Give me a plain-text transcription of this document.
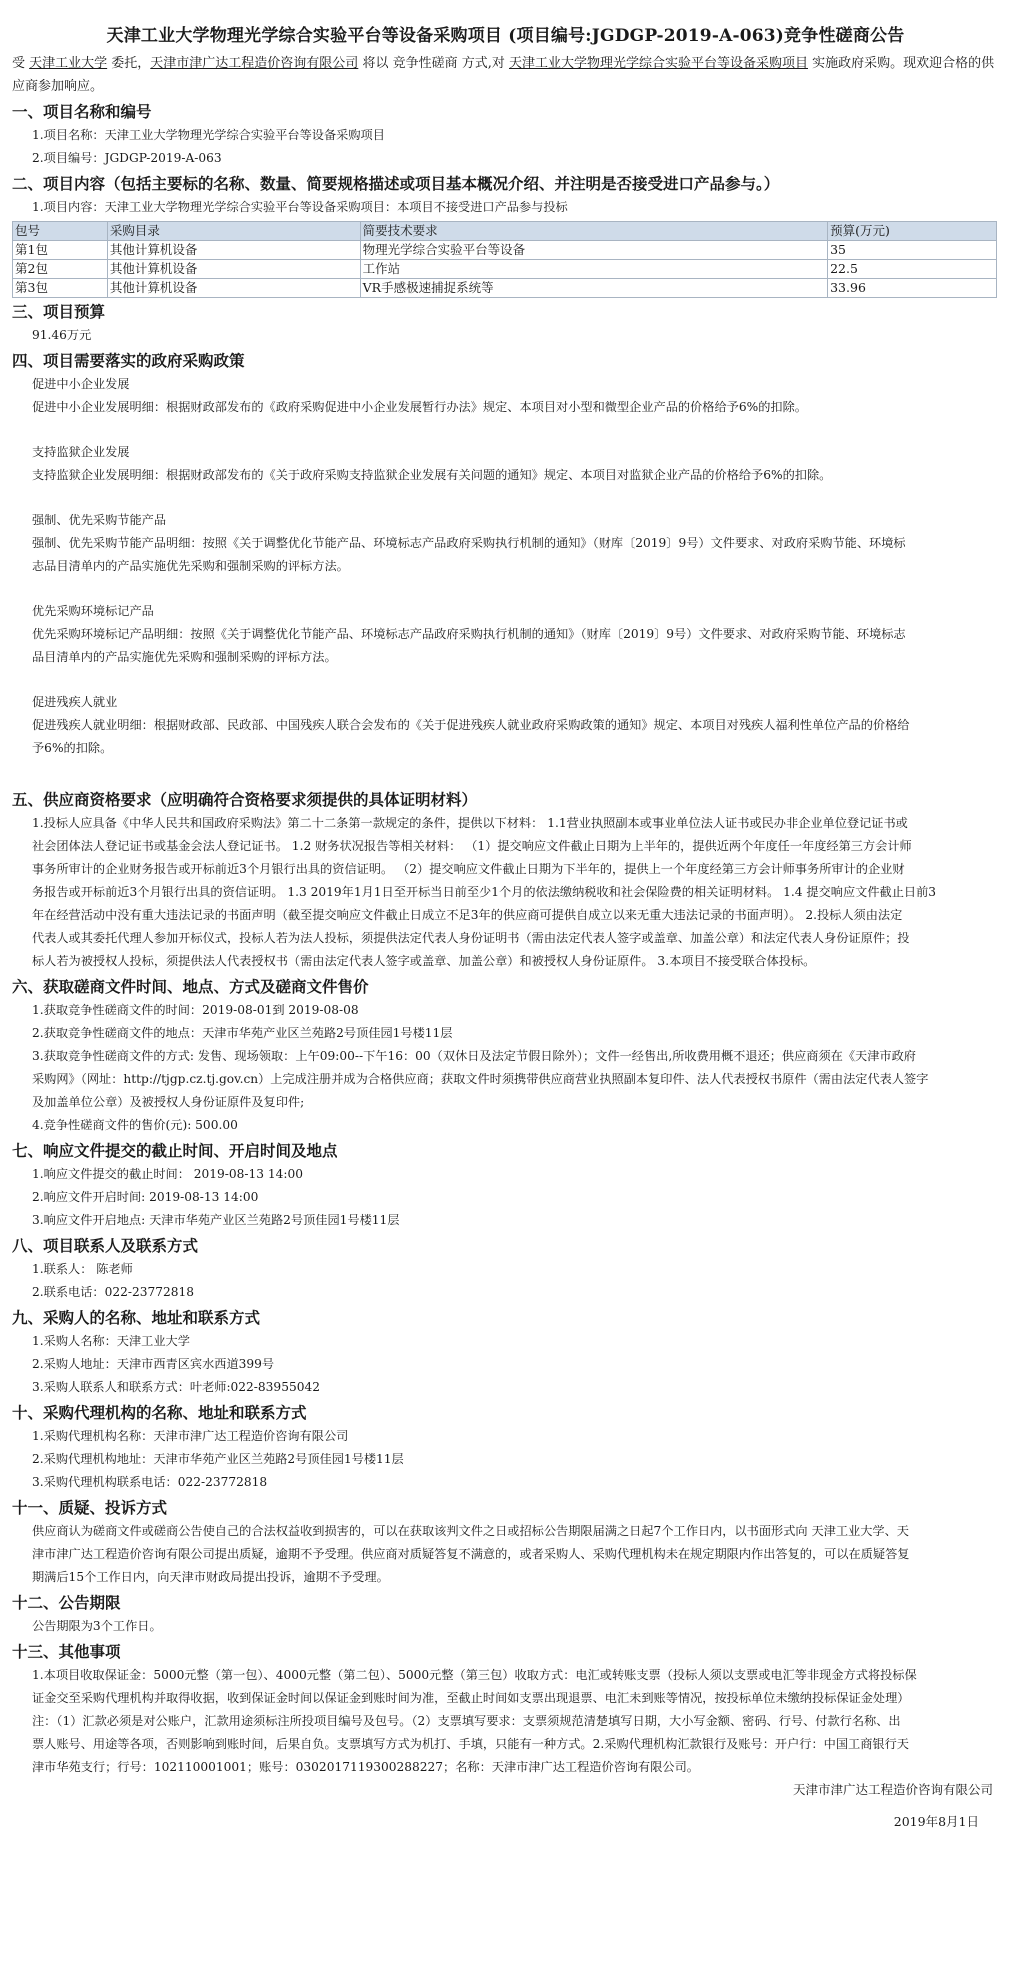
天津工业大学物理光学综合实验平台等设备采购项目 (项目编号:JGDGP-2019-A-063)竞争性磋商公告
受 天津工业大学 委托，天津市津广达工程造价咨询有限公司 将以 竞争性磋商 方式,对 天津工业大学物理光学综合实验平台等设备采购项目 实施政府采购。现欢迎合格的供应商参加响应。
一、项目名称和编号
1.项目名称：天津工业大学物理光学综合实验平台等设备采购项目
2.项目编号：JGDGP-2019-A-063
二、项目内容（包括主要标的名称、数量、简要规格描述或项目基本概况介绍、并注明是否接受进口产品参与。）
1.项目内容：天津工业大学物理光学综合实验平台等设备采购项目：本项目不接受进口产品参与投标
包号	采购目录	简要技术要求	预算(万元)
第1包	其他计算机设备	物理光学综合实验平台等设备	35
第2包	其他计算机设备	工作站	22.5
第3包	其他计算机设备	VR手感极速捕捉系统等	33.96
三、项目预算
91.46万元
四、项目需要落实的政府采购政策
促进中小企业发展
促进中小企业发展明细：根据财政部发布的《政府采购促进中小企业发展暂行办法》规定、本项目对小型和微型企业产品的价格给予6%的扣除。
支持监狱企业发展
支持监狱企业发展明细：根据财政部发布的《关于政府采购支持监狱企业发展有关问题的通知》规定、本项目对监狱企业产品的价格给予6%的扣除。
强制、优先采购节能产品
强制、优先采购节能产品明细：按照《关于调整优化节能产品、环境标志产品政府采购执行机制的通知》（财库〔2019〕9号）文件要求、对政府采购节能、环境标
志品目清单内的产品实施优先采购和强制采购的评标方法。
优先采购环境标记产品
优先采购环境标记产品明细：按照《关于调整优化节能产品、环境标志产品政府采购执行机制的通知》（财库〔2019〕9号）文件要求、对政府采购节能、环境标志
品目清单内的产品实施优先采购和强制采购的评标方法。
促进残疾人就业
促进残疾人就业明细：根据财政部、民政部、中国残疾人联合会发布的《关于促进残疾人就业政府采购政策的通知》规定、本项目对残疾人福利性单位产品的价格给
予6%的扣除。
五、供应商资格要求（应明确符合资格要求须提供的具体证明材料）
1.投标人应具备《中华人民共和国政府采购法》第二十二条第一款规定的条件，提供以下材料： 1.1营业执照副本或事业单位法人证书或民办非企业单位登记证书或
社会团体法人登记证书或基金会法人登记证书。 1.2 财务状况报告等相关材料： （1）提交响应文件截止日期为上半年的，提供近两个年度任一年度经第三方会计师
事务所审计的企业财务报告或开标前近3个月银行出具的资信证明。 （2）提交响应文件截止日期为下半年的，提供上一个年度经第三方会计师事务所审计的企业财
务报告或开标前近3个月银行出具的资信证明。 1.3 2019年1月1日至开标当日前至少1个月的依法缴纳税收和社会保险费的相关证明材料。 1.4 提交响应文件截止日前3
年在经营活动中没有重大违法记录的书面声明（截至提交响应文件截止日成立不足3年的供应商可提供自成立以来无重大违法记录的书面声明）。 2.投标人须由法定
代表人或其委托代理人参加开标仪式，投标人若为法人投标，须提供法定代表人身份证明书（需由法定代表人签字或盖章、加盖公章）和法定代表人身份证原件；投
标人若为被授权人投标，须提供法人代表授权书（需由法定代表人签字或盖章、加盖公章）和被授权人身份证原件。 3.本项目不接受联合体投标。
六、获取磋商文件时间、地点、方式及磋商文件售价
1.获取竞争性磋商文件的时间：2019-08-01到 2019-08-08
2.获取竞争性磋商文件的地点：天津市华苑产业区兰苑路2号顶佳园1号楼11层
3.获取竞争性磋商文件的方式: 发售、现场领取：上午09:00--下午16：00（双休日及法定节假日除外）；文件一经售出,所收费用概不退还；供应商须在《天津市政府
采购网》（网址：http://tjgp.cz.tj.gov.cn）上完成注册并成为合格供应商；获取文件时须携带供应商营业执照副本复印件、法人代表授权书原件（需由法定代表人签字
及加盖单位公章）及被授权人身份证原件及复印件;
4.竞争性磋商文件的售价(元): 500.00
七、响应文件提交的截止时间、开启时间及地点
1.响应文件提交的截止时间： 2019-08-13 14:00
2.响应文件开启时间: 2019-08-13 14:00
3.响应文件开启地点: 天津市华苑产业区兰苑路2号顶佳园1号楼11层
八、项目联系人及联系方式
1.联系人： 陈老师
2.联系电话：022-23772818
九、采购人的名称、地址和联系方式
1.采购人名称：天津工业大学
2.采购人地址：天津市西青区宾水西道399号
3.采购人联系人和联系方式：叶老师:022-83955042
十、采购代理机构的名称、地址和联系方式
1.采购代理机构名称：天津市津广达工程造价咨询有限公司
2.采购代理机构地址：天津市华苑产业区兰苑路2号顶佳园1号楼11层
3.采购代理机构联系电话：022-23772818
十一、质疑、投诉方式
供应商认为磋商文件或磋商公告使自己的合法权益收到损害的，可以在获取该判文件之日或招标公告期限届满之日起7个工作日内，以书面形式向 天津工业大学、天
津市津广达工程造价咨询有限公司提出质疑，逾期不予受理。供应商对质疑答复不满意的，或者采购人、采购代理机构未在规定期限内作出答复的，可以在质疑答复
期满后15个工作日内，向天津市财政局提出投诉，逾期不予受理。
十二、公告期限
公告期限为3个工作日。
十三、其他事项
1.本项目收取保证金：5000元整（第一包）、4000元整（第二包）、5000元整（第三包）收取方式：电汇或转账支票（投标人须以支票或电汇等非现金方式将投标保
证金交至采购代理机构并取得收据，收到保证金时间以保证金到账时间为准，至截止时间如支票出现退票、电汇未到账等情况，按投标单位未缴纳投标保证金处理）
注：（1）汇款必须是对公账户，汇款用途须标注所投项目编号及包号。（2）支票填写要求：支票须规范清楚填写日期，大小写金额、密码、行号、付款行名称、出
票人账号、用途等各项，否则影响到账时间，后果自负。支票填写方式为机打、手填，只能有一种方式。2.采购代理机构汇款银行及账号：开户行：中国工商银行天
津市华苑支行；行号：102110001001；账号：0302017119300288227；名称：天津市津广达工程造价咨询有限公司。
天津市津广达工程造价咨询有限公司
2019年8月1日
